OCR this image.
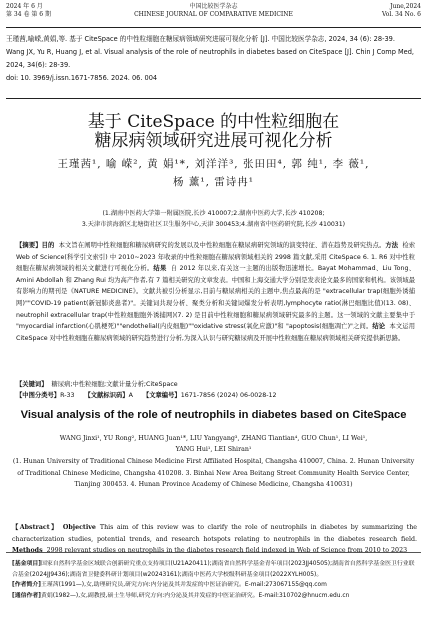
2024 年 6 月
第 34 卷 第 6 期
中国比较医学杂志
CHINESE JOURNAL OF COMPARATIVE MEDICINE
June,2024
Vol. 34 No. 6
王瑾茜,喻嵘,黄娟,等. 基于 CiteSpace 的中性粒细胞在糖尿病领域研究进展可视化分析 [J]. 中国比较医学杂志, 2024, 34 (6): 28-39.
Wang JX, Yu R, Huang J, et al. Visual analysis of the role of neutrophils in diabetes based on CiteSpace [J]. Chin J Comp Med, 2024, 34(6): 28-39.
doi: 10. 3969/j.issn.1671-7856. 2024. 06. 004
基于 CiteSpace 的中性粒细胞在糖尿病领域研究进展可视化分析
王瑾茜¹, 喻 嵘², 黄 娟¹*, 刘洋洋³, 张田田⁴, 郭 纯¹, 李 薇¹,
杨 薰¹, 雷诗冉¹
(1.湖南中医药大学第一附属医院,长沙 410007;2.湖南中医药大学,长沙 410208;
3.天津市滨海新区北塘街社区卫生服务中心,天津 300453;4.湖南省中医药研究院,长沙 410031)
【摘要】目的 本文旨在阐明中性粒细胞和糖尿病研究的发展以及中性粒细胞在糖尿病研究领域的演变特征、潜在趋势及研究热点。方法 检索 Web of Science(科学引文索引) 中 2010~2023 年收录的中性粒细胞在糖尿病领域相关的 2998 篇文献,采用 CiteSpace 6. 1. R6 对中性粒细胞在糖尿病领域的相关文献进行可视化分析。结果 自 2012 年以来,有关这一主题的出版物迅速增长。Bayat Mohammad、Liu Tong、Amini Abdollah 和 Zhang Rui 均为高产作者,有 7 篇相关研究的文章发表。中国和上海交通大学分别是发表论文最多的国家和机构。该领域最有影响力的期刊是《NATURE MEDICINE》。文献共被引分析显示,目前与糖尿病相关的主题中,焦点最高的是 "extracellular trap(细胞外诱捕网)""COVID-19 patient(新冠肺炎患者)"。关键词共现分析、聚类分析和关键词爆发分析表明,lymphocyte ratio(淋巴细胞比值)(13. 08)、neutrophil extracellular trap(中性粒细胞胞外诱捕网)(7. 2) 是目前中性粒细胞和糖尿病领域研究最多的主题。这一领域的文献主要集中于 "myocardial infarction(心肌梗死)""endothelial(内皮细胞)""oxidative stress(氧化应激)"和 "apoptosis(细胞凋亡)"之间。结论 本文运用 CiteSpace 对中性粒细胞在糖尿病领域的研究趋势进行分析,为深入认识与研究糖尿病及开展中性粒细胞在糖尿病领域相关研究提供新思路。
【关键词】 糖尿病;中性粒细胞;文献计量分析;CiteSpace
【中图分类号】R-33 【文献标识码】A 【文章编号】1671-7856 (2024) 06-0028-12
Visual analysis of the role of neutrophils in diabetes based on CiteSpace
WANG Jinxi¹, YU Rong², HUANG Juan¹*, LIU Yangyang³, ZHANG Tiantian⁴, GUO Chun¹, LI Wei¹,
YANG Hui¹, LEI Shiran¹
(1. Hunan University of Traditional Chinese Medicine First Affiliated Hospital, Changsha 410007, China. 2. Hunan University of Traditional Chinese Medicine, Changsha 410208. 3. Binhai New Area Beitang Street Community Health Service Center, Tianjing 300453. 4. Hunan Province Academy of Chinese Medicine, Changsha 410031)
【Abstract】 Objective This aim of this review was to clarify the role of neutrophils in diabetes by summarizing the characterization studies, potential trends, and research hotspots relating to neutrophils in the diabetes research field. Methods 2998 relevant studies on neutrophils in the diabetes research field indexed in Web of Science from 2010 to 2023
[基金项目]国家自然科学基金区域联合创新研究重点支持项目(U21A20411);湖南省自然科学基金青年项目(2023JJ40505);湖南省自然科学基金医卫行业联合基金(2024JJ9436);湖南省卫健委科研计划项目(w20243161);湖南中医药大学校级科研基金项目(2022XYLH005)。
[作者简介]王瑾茜(1991—),女,助理研究员,研究方向:内分泌及其并发症的中医证治研究。E-mail:273067155@qq.com
[通信作者]黄娟(1982—),女,副教授,硕士生导师,研究方向:内分泌及其并发症的中医证治研究。E-mail:310702@hnucm.edu.cn
